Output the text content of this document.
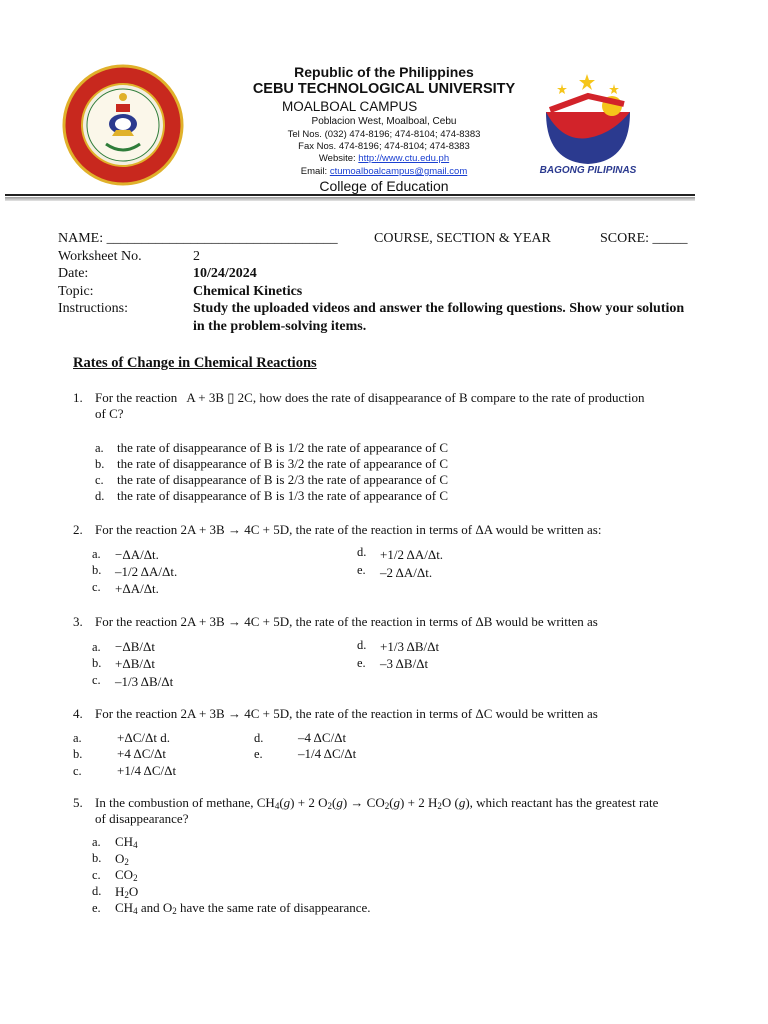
BAGONG PILIPINAS
Republic of the Philippines
CEBU TECHNOLOGICAL UNIVERSITY
MOALBOAL CAMPUS
Poblacion West, Moalboal, Cebu
Tel Nos. (032) 474-8196; 474-8104; 474-8383
Fax Nos. 474-8196; 474-8104; 474-8383
Website: http://www.ctu.edu.ph
Email: ctumoalboalcampus@gmail.com
College of Education
NAME: _________________________________	COURSE, SECTION & YEAR	SCORE: _____
Worksheet No.	2
Date:	10/24/2024
Topic:	Chemical Kinetics
Instructions:	Study the uploaded videos and answer the following questions. Show your solution
in the problem-solving items.
Rates of Change in Chemical Reactions
1. For the reaction   A + 3B ▯ 2C, how does the rate of disappearance of B compare to the rate of production
of C?
a. the rate of disappearance of B is 1/2 the rate of appearance of C
b. the rate of disappearance of B is 3/2 the rate of appearance of C
c. the rate of disappearance of B is 2/3 the rate of appearance of C
d. the rate of disappearance of B is 1/3 the rate of appearance of C
2. For the reaction 2A + 3B → 4C + 5D, the rate of the reaction in terms of ΔA would be written as:
a. −ΔA/Δt.
b. –1/2 ΔA/Δt.
c. +ΔA/Δt.
d. +1/2 ΔA/Δt.
e. –2 ΔA/Δt.
3. For the reaction 2A + 3B → 4C + 5D, the rate of the reaction in terms of ΔB would be written as
a. −ΔB/Δt
b. +ΔB/Δt
c. –1/3 ΔB/Δt
d. +1/3 ΔB/Δt
e. –3 ΔB/Δt
4. For the reaction 2A + 3B → 4C + 5D, the rate of the reaction in terms of ΔC would be written as
a.	+ΔC/Δt d.
b.	+4 ΔC/Δt
c.	+1/4 ΔC/Δt
d.	–4 ΔC/Δt
e.	–1/4 ΔC/Δt
5. In the combustion of methane, $CH_4(g) + 2$ $O_2(g) \to CO_2(g) + 2$ $H_2O$ (g), which reactant has the greatest rate
of disappearance?
a. $CH_4$
b. $O_2$
c. $CO_2$
d. $H_2O$
e. $CH_4$ and $O_2$ have the same rate of disappearance.
